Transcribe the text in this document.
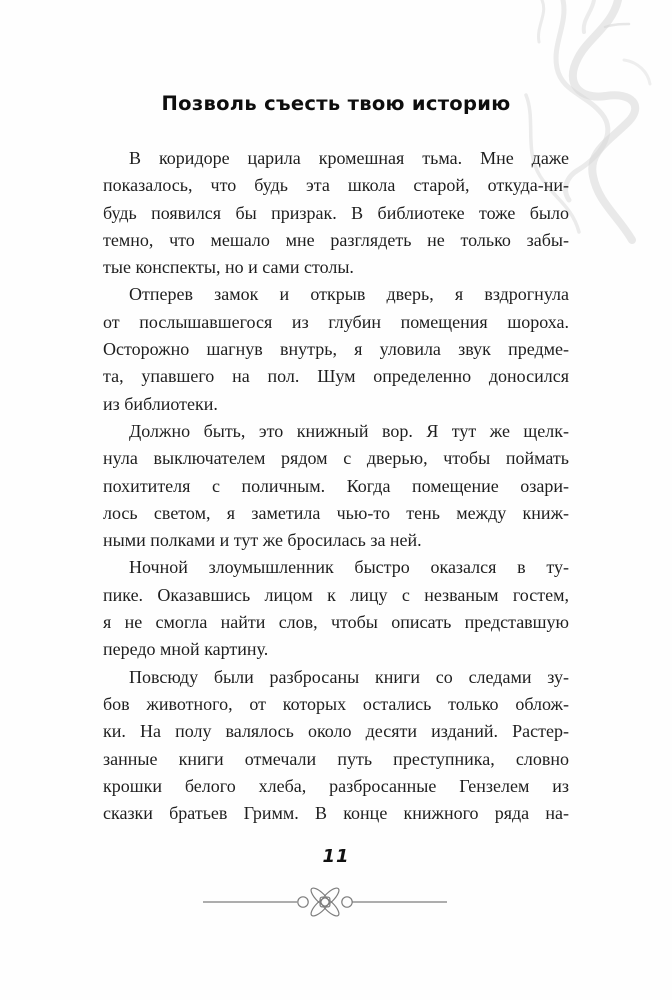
Позволь съесть твою историю
В коридоре царила кромешная тьма. Мне даже
показалось, что будь эта школа старой, откуда-ни-
будь появился бы призрак. В библиотеке тоже было
темно, что мешало мне разглядеть не только забы-
тые конспекты, но и сами столы.
Отперев замок и открыв дверь, я вздрогнула
от послышавшегося из глубин помещения шороха.
Осторожно шагнув внутрь, я уловила звук предме-
та, упавшего на пол. Шум определенно доносился
из библиотеки.
Должно быть, это книжный вор. Я тут же щелк-
нула выключателем рядом с дверью, чтобы поймать
похитителя с поличным. Когда помещение озари-
лось светом, я заметила чью-то тень между книж-
ными полками и тут же бросилась за ней.
Ночной злоумышленник быстро оказался в ту-
пике. Оказавшись лицом к лицу с незваным гостем,
я не смогла найти слов, чтобы описать представшую
передо мной картину.
Повсюду были разбросаны книги со следами зу-
бов животного, от которых остались только облож-
ки. На полу валялось около десяти изданий. Растер-
занные книги отмечали путь преступника, словно
крошки белого хлеба, разбросанные Гензелем из
сказки братьев Гримм. В конце книжного ряда на-
11
